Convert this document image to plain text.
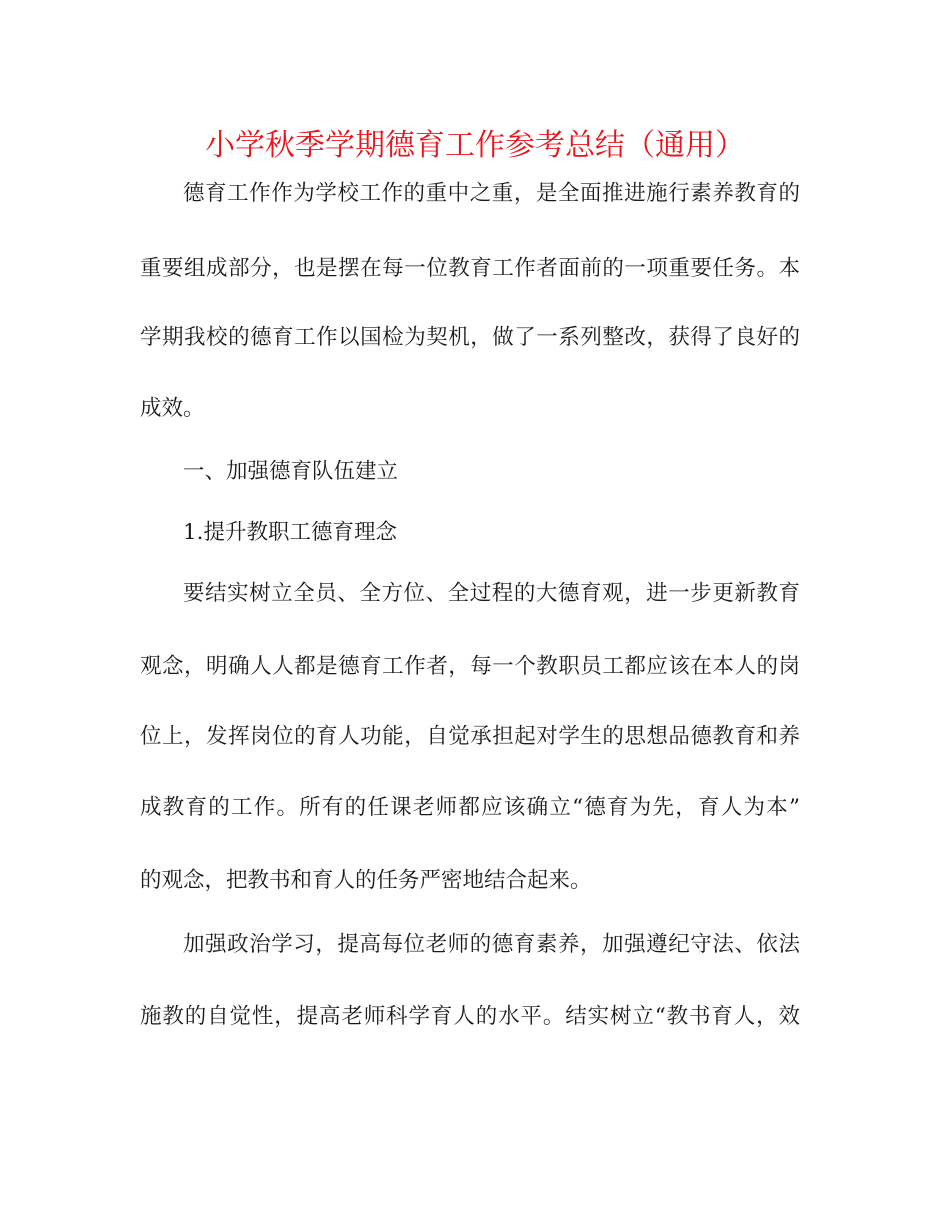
小学秋季学期德育工作参考总结（通用）
德育工作作为学校工作的重中之重，是全面推进施行素养教育的
重要组成部分，也是摆在每一位教育工作者面前的一项重要任务。本
学期我校的德育工作以国检为契机，做了一系列整改，获得了良好的
成效。
一、加强德育队伍建立
1.提升教职工德育理念
要结实树立全员、全方位、全过程的大德育观，进一步更新教育
观念，明确人人都是德育工作者，每一个教职员工都应该在本人的岗
位上，发挥岗位的育人功能，自觉承担起对学生的思想品德教育和养
成教育的工作。所有的任课老师都应该确立“德育为先，育人为本”
的观念，把教书和育人的任务严密地结合起来。
加强政治学习，提高每位老师的德育素养，加强遵纪守法、依法
施教的自觉性，提高老师科学育人的水平。结实树立“教书育人，效
